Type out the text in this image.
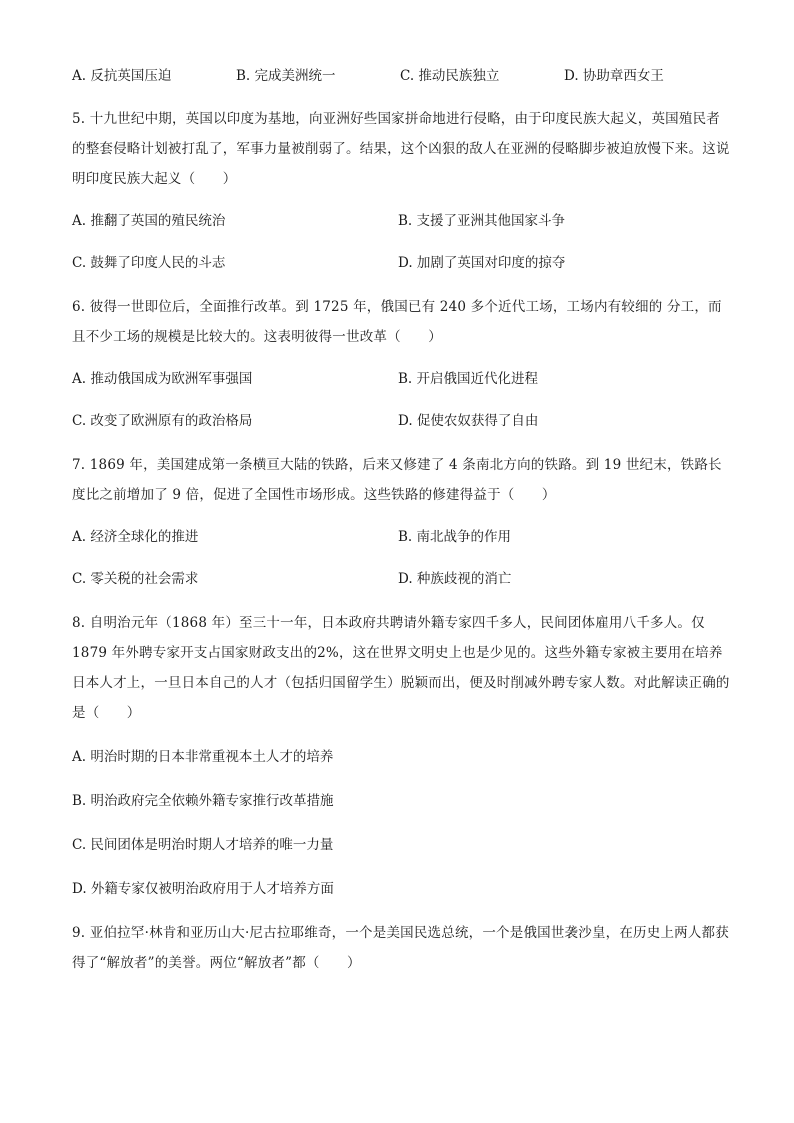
A. 反抗英国压迫	B. 完成美洲统一	C. 推动民族独立	D. 协助章西女王
5. 十九世纪中期，英国以印度为基地，向亚洲好些国家拼命地进行侵略，由于印度民族大起义，英国殖民者的整套侵略计划被打乱了，军事力量被削弱了。结果，这个凶狠的敌人在亚洲的侵略脚步被迫放慢下来。这说明印度民族大起义（　　）
A. 推翻了英国的殖民统治	B. 支援了亚洲其他国家斗争
C. 鼓舞了印度人民的斗志	D. 加剧了英国对印度的掠夺
6. 彼得一世即位后，全面推行改革。到 1725 年，俄国已有 240 多个近代工场，工场内有较细的 分工，而且不少工场的规模是比较大的。这表明彼得一世改革（　　）
A. 推动俄国成为欧洲军事强国	B. 开启俄国近代化进程
C. 改变了欧洲原有的政治格局	D. 促使农奴获得了自由
7. 1869 年，美国建成第一条横亘大陆的铁路，后来又修建了 4 条南北方向的铁路。到 19 世纪末，铁路长度比之前增加了 9 倍，促进了全国性市场形成。这些铁路的修建得益于（　　）
A. 经济全球化的推进	B. 南北战争的作用
C. 零关税的社会需求	D. 种族歧视的消亡
8. 自明治元年（1868 年）至三十一年，日本政府共聘请外籍专家四千多人，民间团体雇用八千多人。仅 1879 年外聘专家开支占国家财政支出的2%，这在世界文明史上也是少见的。这些外籍专家被主要用在培养日本人才上，一旦日本自己的人才（包括归国留学生）脱颖而出，便及时削减外聘专家人数。对此解读正确的是（　　）
A. 明治时期的日本非常重视本土人才的培养
B. 明治政府完全依赖外籍专家推行改革措施
C. 民间团体是明治时期人才培养的唯一力量
D. 外籍专家仅被明治政府用于人才培养方面
9. 亚伯拉罕·林肯和亚历山大·尼古拉耶维奇，一个是美国民选总统，一个是俄国世袭沙皇，在历史上两人都获得了“解放者”的美誉。两位“解放者”都（　　）
